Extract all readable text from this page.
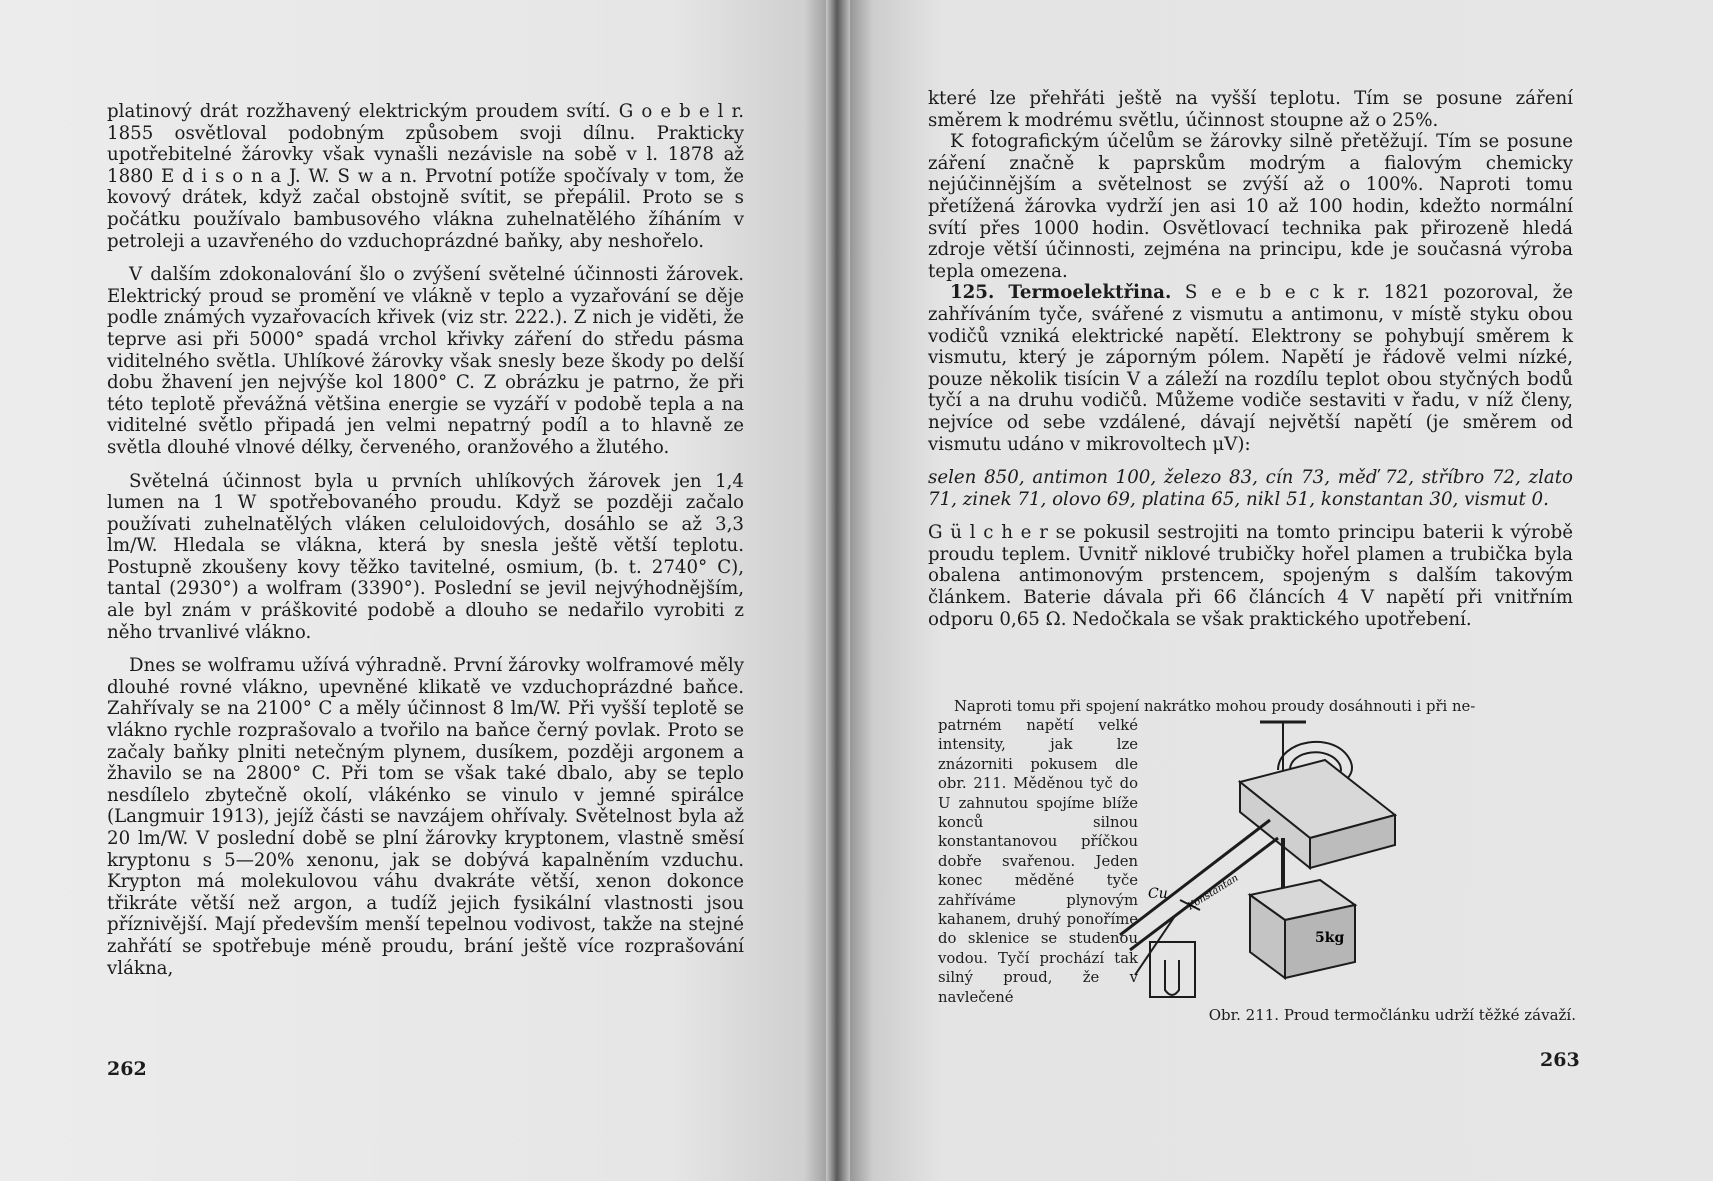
platinový drát rozžhavený elektrickým proudem svítí. G o e b e l r. 1855 osvětloval podobným způsobem svoji dílnu. Prakticky upotřebitelné žárovky však vynašli nezávisle na sobě v l. 1878 až 1880 E d i s o n a J. W. S w a n. Prvotní potíže spočívaly v tom, že kovový drátek, když začal obstojně svítit, se přepálil. Proto se s počátku používalo bambusového vlákna zuhelnatělého žíháním v petroleji a uzavřeného do vzduchoprázdné baňky, aby neshořelo.

V dalším zdokonalování šlo o zvýšení světelné účinnosti žárovek. Elektrický proud se promění ve vlákně v teplo a vyzařování se děje podle známých vyzařovacích křivek (viz str. 222.). Z nich je viděti, že teprve asi při 5000° spadá vrchol křivky záření do středu pásma viditelného světla. Uhlíkové žárovky však snesly beze škody po delší dobu žhavení jen nejvýše kol 1800° C. Z obrázku je patrno, že při této teplotě převážná většina energie se vyzáří v podobě tepla a na viditelné světlo připadá jen velmi nepatrný podíl a to hlavně ze světla dlouhé vlnové délky, červeného, oranžového a žlutého.

Světelná účinnost byla u prvních uhlíkových žárovek jen 1,4 lumen na 1 W spotřebovaného proudu. Když se později začalo používati zuhelnatělých vláken celuloidových, dosáhlo se až 3,3 lm/W. Hledala se vlákna, která by snesla ještě větší teplotu. Postupně zkoušeny kovy těžko tavitelné, osmium, (b. t. 2740° C), tantal (2930°) a wolfram (3390°). Poslední se jevil nejvýhodnějším, ale byl znám v práškovité podobě a dlouho se nedařilo vyrobiti z něho trvanlivé vlákno.

Dnes se wolframu užívá výhradně. První žárovky wolframové měly dlouhé rovné vlákno, upevněné klikatě ve vzduchoprázdné baňce. Zahřívaly se na 2100° C a měly účinnost 8 lm/W. Při vyšší teplotě se vlákno rychle rozprašovalo a tvořilo na baňce černý povlak. Proto se začaly baňky plniti netečným plynem, dusíkem, později argonem a žhavilo se na 2800° C. Při tom se však také dbalo, aby se teplo nesdílelo zbytečně okolí, vlákénko se vinulo v jemné spirálce (Langmuir 1913), jejíž části se navzájem ohřívaly. Světelnost byla až 20 lm/W. V poslední době se plní žárovky kryptonem, vlastně směsí kryptonu s 5—20% xenonu, jak se dobývá kapalněním vzduchu. Krypton má molekulovou váhu dvakráte větší, xenon dokonce třikráte větší než argon, a tudíž jejich fysikální vlastnosti jsou příznivější. Mají především menší tepelnou vodivost, takže na stejné zahřátí se spotřebuje méně proudu, brání ještě více rozprašování vlákna,

262

které lze přehřáti ještě na vyšší teplotu. Tím se posune záření směrem k modrému světlu, účinnost stoupne až o 25%.

K fotografickým účelům se žárovky silně přetěžují. Tím se posune záření značně k paprskům modrým a fialovým chemicky nejúčinnějším a světelnost se zvýší až o 100%. Naproti tomu přetížená žárovka vydrží jen asi 10 až 100 hodin, kdežto normální svítí přes 1000 hodin. Osvětlovací technika pak přirozeně hledá zdroje větší účinnosti, zejména na principu, kde je současná výroba tepla omezena.

125. Termoelektřina. S e e b e c k r. 1821 pozoroval, že zahříváním tyče, svářené z vismutu a antimonu, v místě styku obou vodičů vzniká elektrické napětí. Elektrony se pohybují směrem k vismutu, který je záporným pólem. Napětí je řádově velmi nízké, pouze několik tisícin V a záleží na rozdílu teplot obou styčných bodů tyčí a na druhu vodičů. Můžeme vodiče sestaviti v řadu, v níž členy, nejvíce od sebe vzdálené, dávají největší napětí (je směrem od vismutu udáno v mikrovoltech μV):

selen 850, antimon 100, železo 83, cín 73, měď 72, stříbro 72, zlato 71, zinek 71, olovo 69, platina 65, nikl 51, konstantan 30, vismut 0.

G ü l c h e r se pokusil sestrojiti na tomto principu baterii k výrobě proudu teplem. Uvnitř niklové trubičky hořel plamen a trubička byla obalena antimonovým prstencem, spojeným s dalším takovým článkem. Baterie dávala při 66 článcích 4 V napětí při vnitřním odporu 0,65 Ω. Nedočkala se však praktického upotřebení.

Naproti tomu při spojení nakrátko mohou proudy dosáhnouti i při ne-
patrném napětí velké intensity, jak lze znázorniti pokusem dle obr. 211. Měděnou tyč do U zahnutou spojíme blíže konců silnou konstantanovou příčkou dobře svařenou. Jeden konec měděné tyče zahříváme plynovým kahanem, druhý ponoříme do sklenice se studenou vodou. Tyčí prochází tak silný proud, že v navlečené
Cu Konstantan
5kg
Obr. 211. Proud termočlánku udrží těžké závaží.
263
